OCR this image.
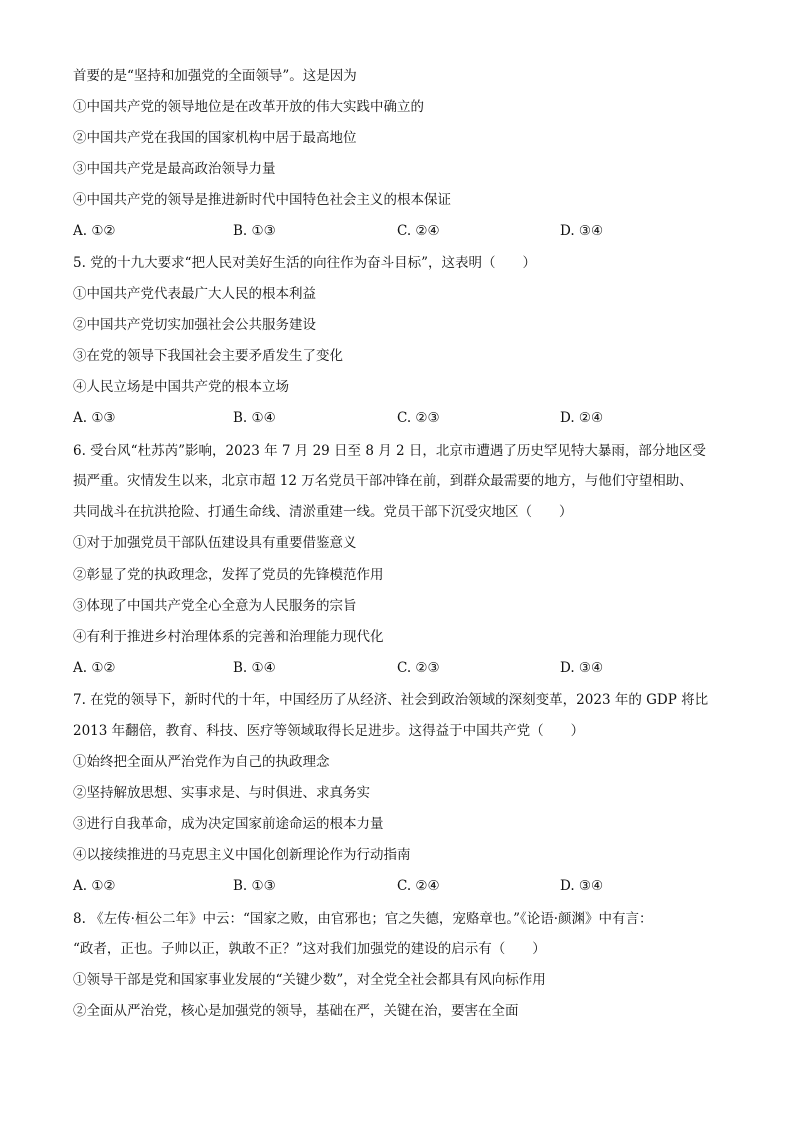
首要的是“坚持和加强党的全面领导”。这是因为
①中国共产党的领导地位是在改革开放的伟大实践中确立的
②中国共产党在我国的国家机构中居于最高地位
③中国共产党是最高政治领导力量
④中国共产党的领导是推进新时代中国特色社会主义的根本保证
A. ①②	B. ①③	C. ②④	D. ③④
5. 党的十九大要求“把人民对美好生活的向往作为奋斗目标”，这表明（　　）
①中国共产党代表最广大人民的根本利益
②中国共产党切实加强社会公共服务建设
③在党的领导下我国社会主要矛盾发生了变化
④人民立场是中国共产党的根本立场
A. ①③	B. ①④	C. ②③	D. ②④
6. 受台风“杜苏芮”影响，2023 年 7 月 29 日至 8 月 2 日，北京市遭遇了历史罕见特大暴雨，部分地区受
损严重。灾情发生以来，北京市超 12 万名党员干部冲锋在前，到群众最需要的地方，与他们守望相助、
共同战斗在抗洪抢险、打通生命线、清淤重建一线。党员干部下沉受灾地区（　　）
①对于加强党员干部队伍建设具有重要借鉴意义
②彰显了党的执政理念，发挥了党员的先锋模范作用
③体现了中国共产党全心全意为人民服务的宗旨
④有利于推进乡村治理体系的完善和治理能力现代化
A. ①②	B. ①④	C. ②③	D. ③④
7. 在党的领导下，新时代的十年，中国经历了从经济、社会到政治领域的深刻变革，2023 年的 GDP 将比
2013 年翻倍，教育、科技、医疗等领域取得长足进步。这得益于中国共产党（　　）
①始终把全面从严治党作为自己的执政理念
②坚持解放思想、实事求是、与时俱进、求真务实
③进行自我革命，成为决定国家前途命运的根本力量
④以接续推进的马克思主义中国化创新理论作为行动指南
A. ①②	B. ①③	C. ②④	D. ③④
8. 《左传·桓公二年》中云：“国家之败，由官邪也；官之失德，宠赂章也。”《论语·颜渊》中有言：
“政者，正也。子帅以正，孰敢不正？”这对我们加强党的建设的启示有（　　）
①领导干部是党和国家事业发展的“关键少数”，对全党全社会都具有风向标作用
②全面从严治党，核心是加强党的领导，基础在严，关键在治，要害在全面
